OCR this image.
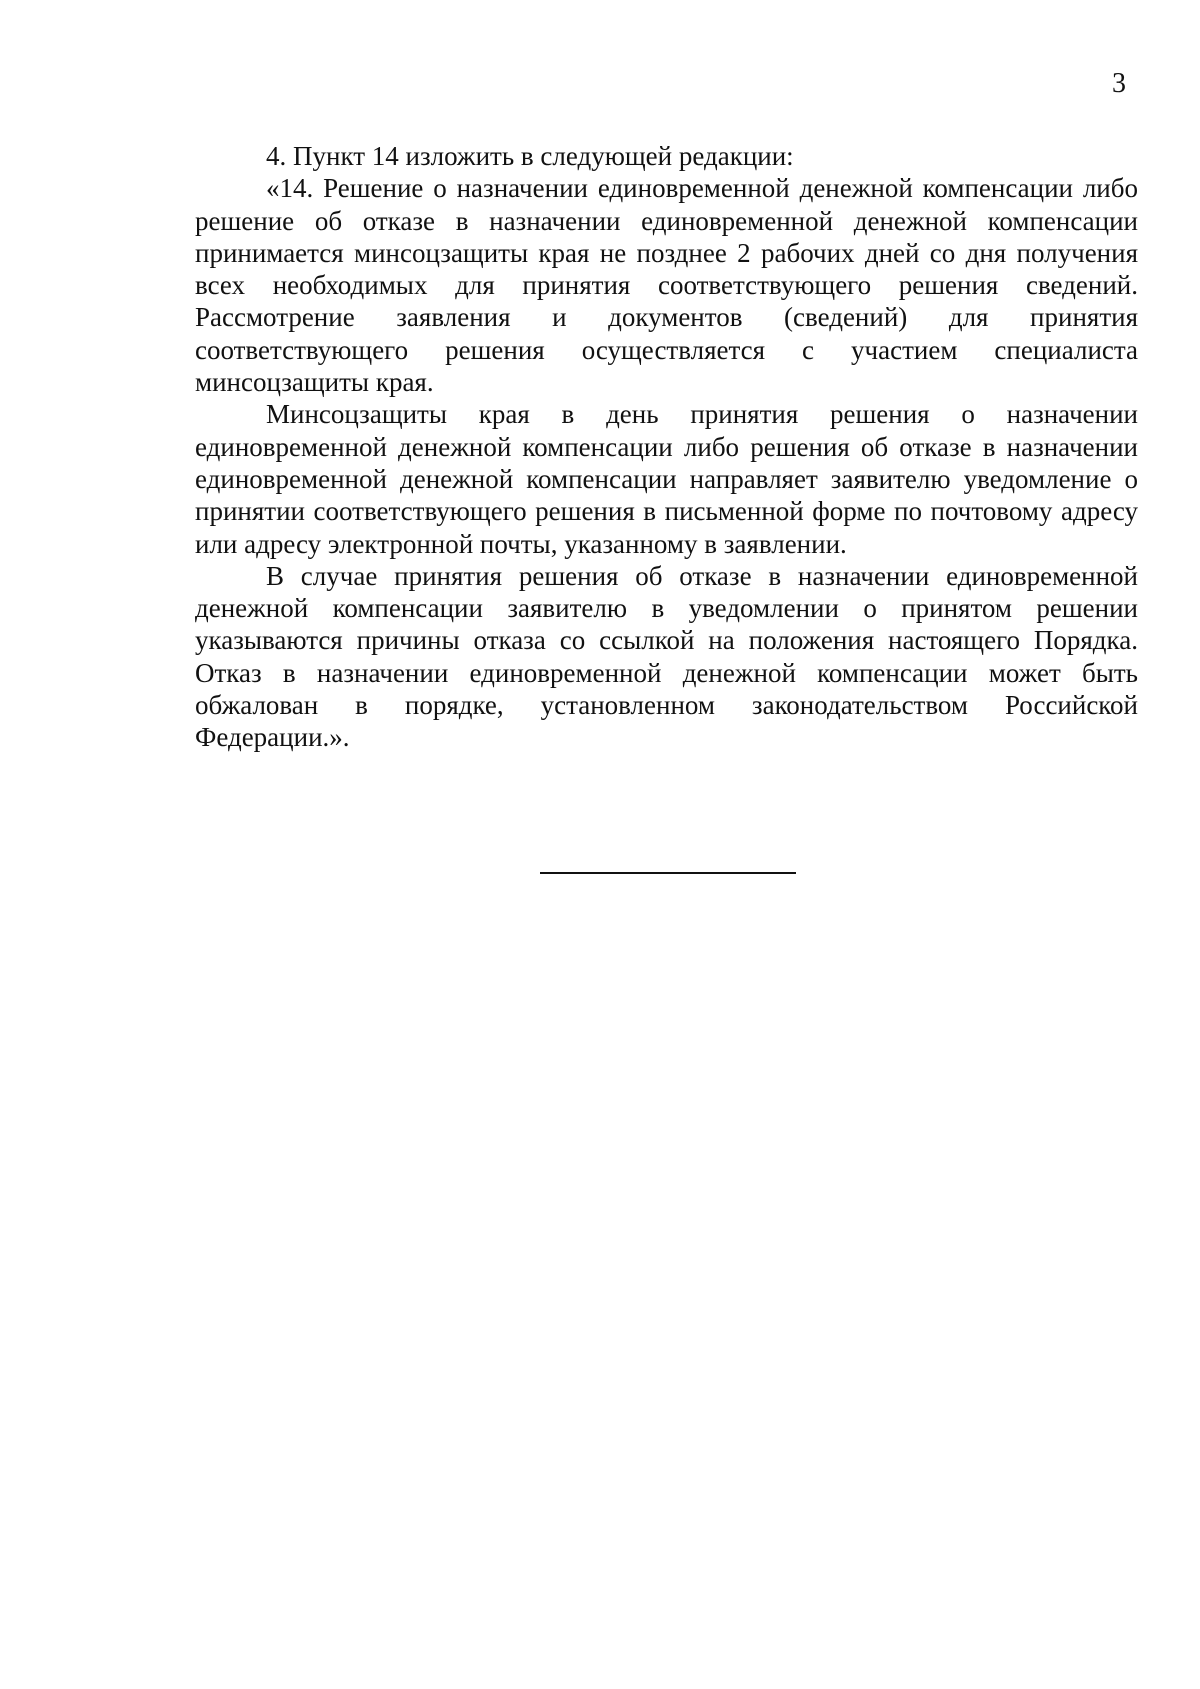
3

4. Пункт 14 изложить в следующей редакции:

«14. Решение о назначении единовременной денежной компенсации либо решение об отказе в назначении единовременной денежной компенсации принимается минсоцзащиты края не позднее 2 рабочих дней со дня получения всех необходимых для принятия соответствующего решения сведений. Рассмотрение заявления и документов (сведений) для принятия соответствующего решения осуществляется с участием специалиста минсоцзащиты края.

Минсоцзащиты края в день принятия решения о назначении единовременной денежной компенсации либо решения об отказе в назначении единовременной денежной компенсации направляет заявителю уведомление о принятии соответствующего решения в письменной форме по почтовому адресу или адресу электронной почты, указанному в заявлении.

В случае принятия решения об отказе в назначении единовременной денежной компенсации заявителю в уведомлении о принятом решении указываются причины отказа со ссылкой на положения настоящего Порядка. Отказ в назначении единовременной денежной компенсации может быть обжалован в порядке, установленном законодательством Российской Федерации.».
